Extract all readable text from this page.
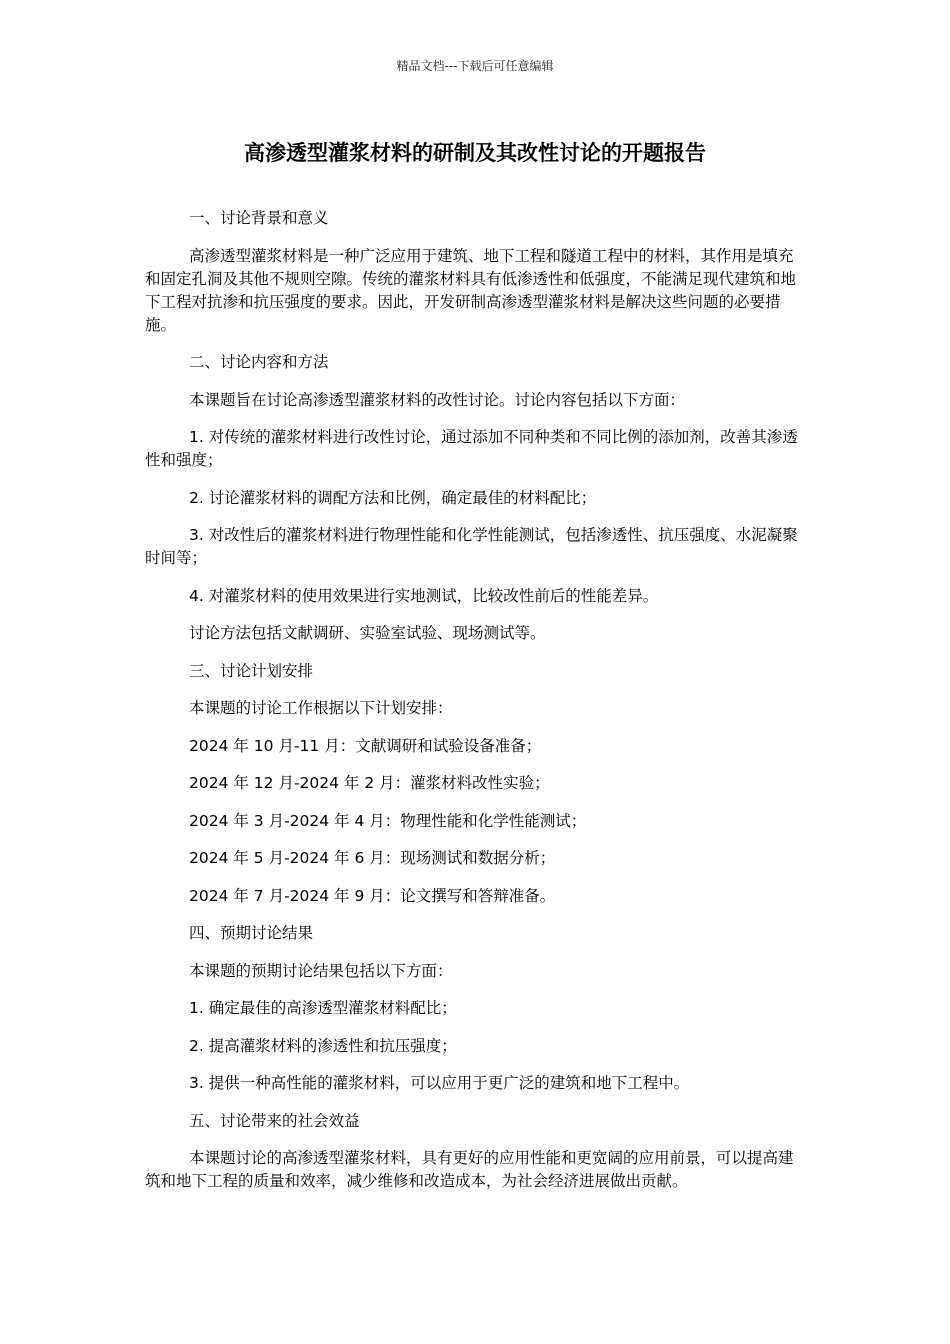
精品文档---下载后可任意编辑
高渗透型灌浆材料的研制及其改性讨论的开题报告

一、讨论背景和意义

高渗透型灌浆材料是一种广泛应用于建筑、地下工程和隧道工程中的材料，其作用是填充和固定孔洞及其他不规则空隙。传统的灌浆材料具有低渗透性和低强度，不能满足现代建筑和地下工程对抗渗和抗压强度的要求。因此，开发研制高渗透型灌浆材料是解决这些问题的必要措施。

二、讨论内容和方法

本课题旨在讨论高渗透型灌浆材料的改性讨论。讨论内容包括以下方面：

1. 对传统的灌浆材料进行改性讨论，通过添加不同种类和不同比例的添加剂，改善其渗透性和强度；

2. 讨论灌浆材料的调配方法和比例，确定最佳的材料配比；

3. 对改性后的灌浆材料进行物理性能和化学性能测试，包括渗透性、抗压强度、水泥凝聚时间等；

4. 对灌浆材料的使用效果进行实地测试，比较改性前后的性能差异。

讨论方法包括文献调研、实验室试验、现场测试等。

三、讨论计划安排

本课题的讨论工作根据以下计划安排：

2024 年 10 月-11 月：文献调研和试验设备准备；

2024 年 12 月-2024 年 2 月：灌浆材料改性实验；

2024 年 3 月-2024 年 4 月：物理性能和化学性能测试；

2024 年 5 月-2024 年 6 月：现场测试和数据分析；

2024 年 7 月-2024 年 9 月：论文撰写和答辩准备。

四、预期讨论结果

本课题的预期讨论结果包括以下方面：

1. 确定最佳的高渗透型灌浆材料配比；

2. 提高灌浆材料的渗透性和抗压强度；

3. 提供一种高性能的灌浆材料，可以应用于更广泛的建筑和地下工程中。

五、讨论带来的社会效益

本课题讨论的高渗透型灌浆材料，具有更好的应用性能和更宽阔的应用前景，可以提高建筑和地下工程的质量和效率，减少维修和改造成本，为社会经济进展做出贡献。
